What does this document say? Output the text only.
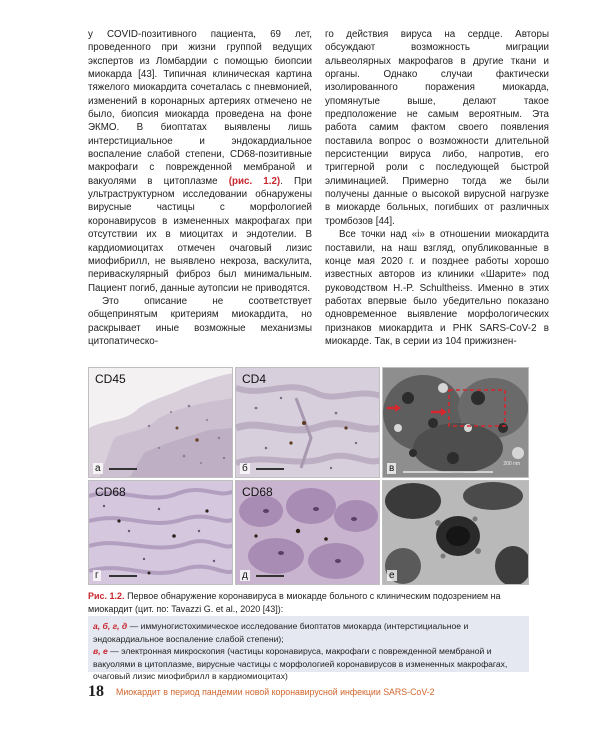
у COVID-позитивного пациента, 69 лет, проведенного при жизни группой ведущих экспертов из Ломбардии с помощью биопсии миокарда [43]. Типичная клиническая картина тяжелого миокардита сочеталась с пневмонией, изменений в коронарных артериях отмечено не было, биопсия миокарда проведена на фоне ЭКМО. В биоптатах выявлены лишь интерстициальное и эндокардиальное воспаление слабой степени, CD68-позитивные макрофаги с поврежденной мембраной и вакуолями в цитоплазме (рис. 1.2). При ультраструктурном исследовании обнаружены вирусные частицы с морфологией коронавирусов в измененных макрофагах при отсутствии их в миоцитах и эндотелии. В кардиомиоцитах отмечен очаговый лизис миофибрилл, не выявлено некроза, васкулита, периваскулярный фиброз был минимальным. Пациент погиб, данные аутопсии не приводятся.

Это описание не соответствует общепринятым критериям миокардита, но раскрывает иные возможные механизмы цитопатическо-

го действия вируса на сердце. Авторы обсуждают возможность миграции альвеолярных макрофагов в другие ткани и органы. Однако случаи фактически изолированного поражения миокарда, упомянутые выше, делают такое предположение не самым вероятным. Эта работа самим фактом своего появления поставила вопрос о возможности длительной персистенции вируса либо, напротив, его триггерной роли с последующей быстрой элиминацией. Примерно тогда же были получены данные о высокой вирусной нагрузке в миокарде больных, погибших от различных тромбозов [44].

Все точки над «i» в отношении миокардита поставили, на наш взгляд, опубликованные в конце мая 2020 г. и позднее работы хорошо известных авторов из клиники «Шарите» под руководством H.-P. Schultheiss. Именно в этих работах впервые было убедительно показано одновременное выявление морфологических признаков миокардита и РНК SARS-CoV-2 в миокарде. Так, в серии из 104 прижизнен-

CD45
а
CD4
б	200 nm
в
CD68
г
CD68
д	е
Рис. 1.2. Первое обнаружение коронавируса в миокарде больного с клиническим подозрением на миокардит (цит. по: Tavazzi G. et al., 2020 [43]):

а, б, г, д — иммуногистохимическое исследование биоптатов миокарда (интерстициальное и эндокардиальное воспаление слабой степени);

в, е — электронная микроскопия (частицы коронавируса, макрофаги с поврежденной мембраной и вакуолями в цитоплазме, вирусные частицы с морфологией коронавирусов в измененных макрофагах, очаговый лизис миофибрилл в кардиомиоцитах)

18 Миокардит в период пандемии новой коронавирусной инфекции SARS-CoV-2
